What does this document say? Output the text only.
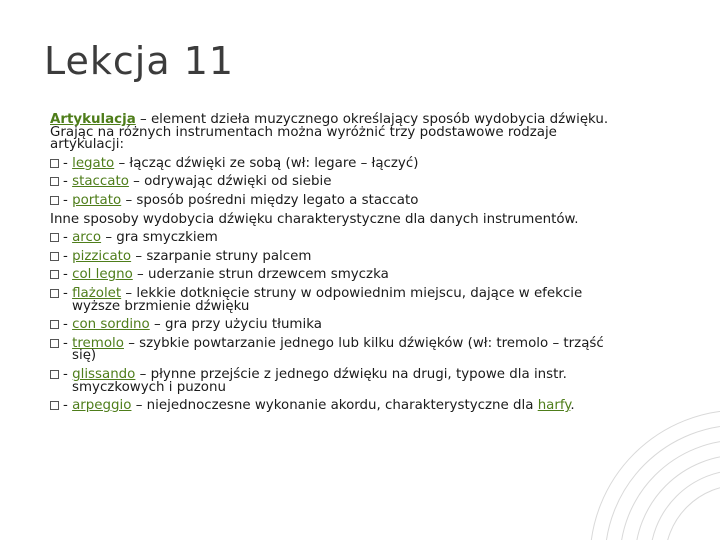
Lekcja 11

Artykulacja – element dzieła muzycznego określający sposób wydobycia dźwięku.

Grając na różnych instrumentach można wyróżnić trzy podstawowe rodzaje

artykulacji:

- legato – łącząc dźwięki ze sobą (wł: legare – łączyć)

- staccato – odrywając dźwięki od siebie

- portato – sposób pośredni między legato a staccato

Inne sposoby wydobycia dźwięku charakterystyczne dla danych instrumentów.

- arco – gra smyczkiem

- pizzicato – szarpanie struny palcem

- col legno – uderzanie strun drzewcem smyczka

- flażolet – lekkie dotknięcie struny w odpowiednim miejscu, dające w efekcie

wyższe brzmienie dźwięku

- con sordino – gra przy użyciu tłumika

- tremolo – szybkie powtarzanie jednego lub kilku dźwięków (wł: tremolo – trząść

się)

- glissando – płynne przejście z jednego dźwięku na drugi, typowe dla instr.

smyczkowych i puzonu

- arpeggio – niejednoczesne wykonanie akordu, charakterystyczne dla harfy.
